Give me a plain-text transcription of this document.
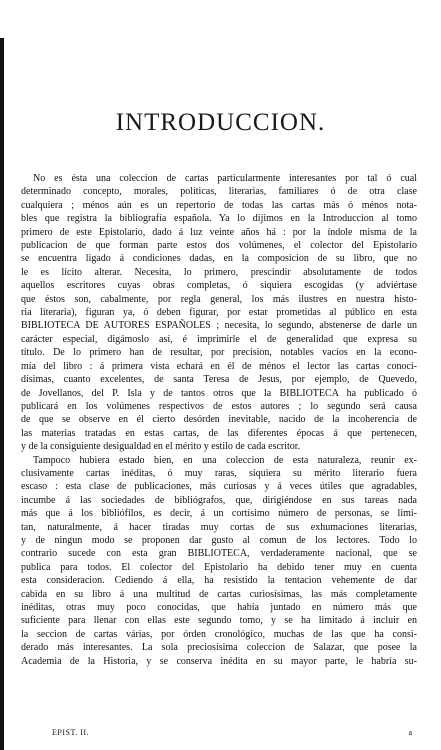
INTRODUCCION.
No es ésta una coleccion de cartas particularmente interesantes por tal ó cual
determinado concepto, morales, políticas, literarias, familiares ó de otra clase
cualquiera ; ménos aún es un repertorio de todas las cartas más ó ménos nota-
bles que registra la bibliografía española. Ya lo dijimos en la Introduccion al tomo
primero de este Epistolario, dado á luz veinte años há : por la índole misma de la
publicacion de que forman parte estos dos volúmenes, el colector del Epistolario
se encuentra ligado á condiciones dadas, en la composicion de su libro, que no
le es lícito alterar. Necesita, lo primero, prescindir absolutamente de todos
aquellos escritores cuyas obras completas, ó siquiera escogidas (y adviértase
que éstos son, cabalmente, por regla general, los más ilustres en nuestra histo-
ria literaria), figuran ya, ó deben figurar, por estar prometidas al público en esta
BIBLIOTECA DE AUTORES ESPAÑOLES ; necesita, lo segundo, abstenerse de darle un
carácter especial, digámoslo así, é imprimirle el de generalidad que expresa su
título. De lo primero han de resultar, por precision, notables vacíos en la econo-
mía del libro : á primera vista echará en él de ménos el lector las cartas conoci-
dísimas, cuanto excelentes, de santa Teresa de Jesus, por ejemplo, de Quevedo,
de Jovellanos, del P. Isla y de tantos otros que la BIBLIOTECA ha publicado ó
publicará en los volúmenes respectivos de estos autores ; lo segundo será causa
de que se observe en él cierto desórden inevitable, nacido de la incoherencia de
las materias tratadas en estas cartas, de las diferentes épocas á que pertenecen,
y de la consiguiente desigualdad en el mérito y estilo de cada escritor.
Tampoco hubiera estado bien, en una coleccion de esta naturaleza, reunir ex-
clusivamente cartas inéditas, ó muy raras, siquiera su mérito literario fuera
escaso : esta clase de publicaciones, más curiosas y á veces útiles que agradables,
incumbe á las sociedades de bibliógrafos, que, dirigiéndose en sus tareas nada
más que á los bibliófilos, es decir, á un cortísimo número de personas, se limi-
tan, naturalmente, á hacer tiradas muy cortas de sus exhumaciones literarias,
y de ningun modo se proponen dar gusto al comun de los lectores. Todo lo
contrario sucede con esta gran BIBLIOTECA, verdaderamente nacional, que se
publica para todos. El colector del Epistolario ha debido tener muy en cuenta
esta consideracion. Cediendo á ella, ha resistido la tentacion vehemente de dar
cabida en su libro á una multitud de cartas curiosísimas, las más completamente
inéditas, otras muy poco conocidas, que había juntado en número más que
suficiente para llenar con ellas este segundo tomo, y se ha limitado á incluir en
la seccion de cartas várias, por órden cronológico, muchas de las que ha consi-
derado más interesantes. La sola preciosísima coleccion de Salazar, que posee la
Academia de la Historia, y se conserva inédita en su mayor parte, le habría su-
EPIST. II.	a
